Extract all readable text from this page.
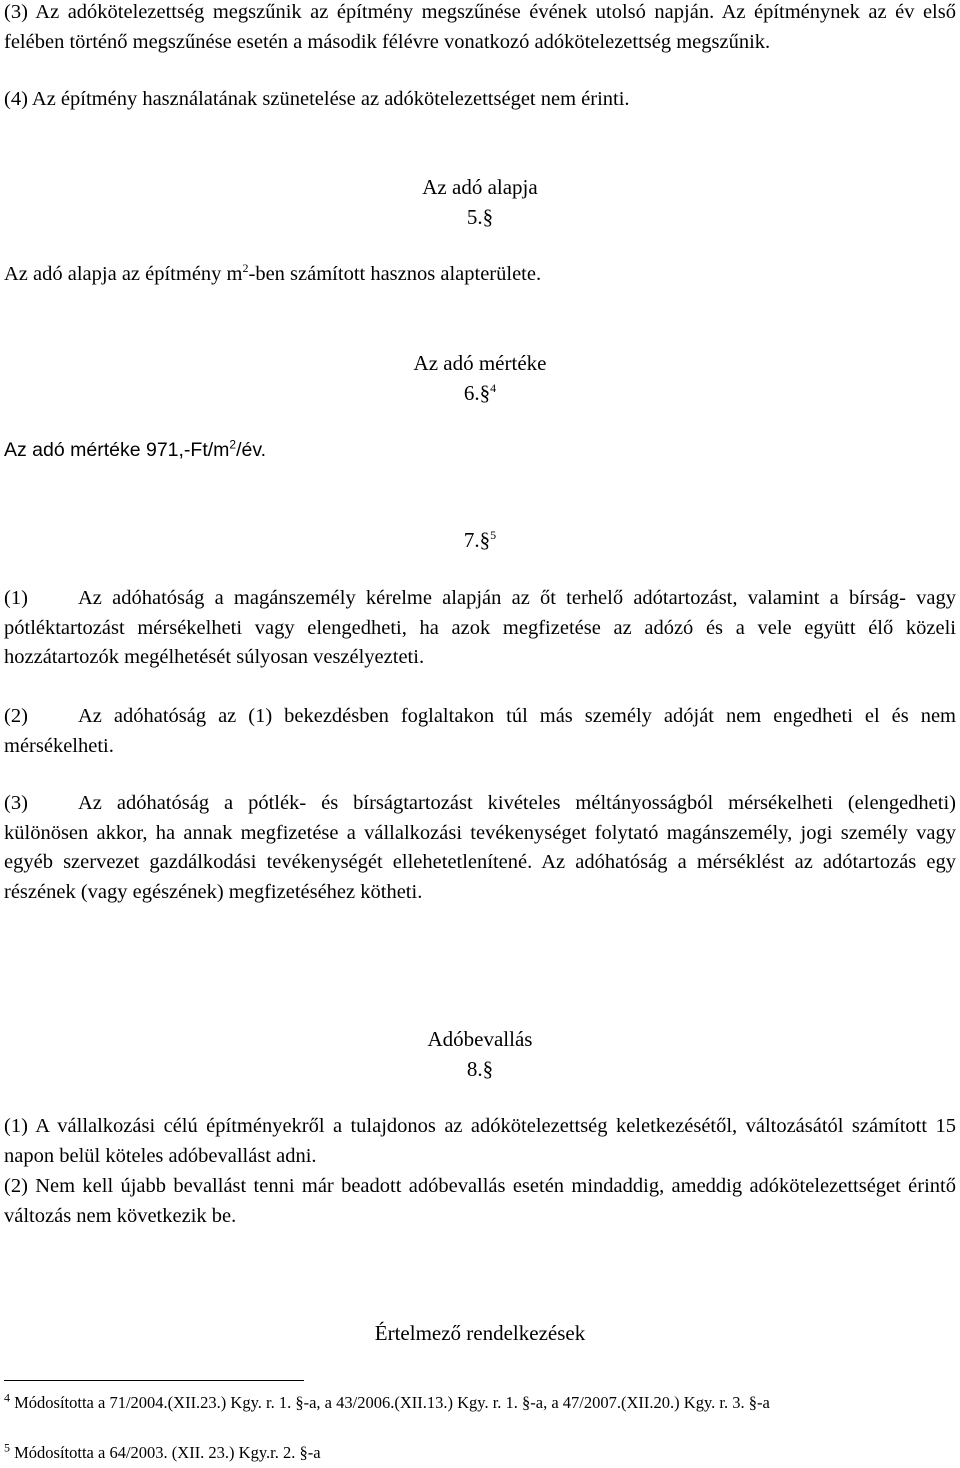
(3) Az adókötelezettség megszűnik az építmény megszűnése évének utolsó napján. Az építménynek az év első felében történő megszűnése esetén a második félévre vonatkozó adókötelezettség megszűnik.

(4) Az építmény használatának szünetelése az adókötelezettséget nem érinti.

Az adó alapja

5.§

Az adó alapja az építmény $m^2$-ben számított hasznos alapterülete.

Az adó mértéke

6.§$^4$

Az adó mértéke $971,-Ft/m^2/év$.

7.§$^5$

(1) Az adóhatóság a magánszemély kérelme alapján az őt terhelő adótartozást, valamint a bírság- vagy pótléktartozást mérsékelheti vagy elengedheti, ha azok megfizetése az adózó és a vele együtt élő közeli hozzátartozók megélhetését súlyosan veszélyezteti.

(2) Az adóhatóság az (1) bekezdésben foglaltakon túl más személy adóját nem engedheti el és nem mérsékelheti.

(3) Az adóhatóság a pótlék- és bírságtartozást kivételes méltányosságból mérsékelheti (elengedheti) különösen akkor, ha annak megfizetése a vállalkozási tevékenységet folytató magánszemély, jogi személy vagy egyéb szervezet gazdálkodási tevékenységét ellehetetlenítené. Az adóhatóság a mérséklést az adótartozás egy részének (vagy egészének) megfizetéséhez kötheti.

Adóbevallás

8.§

(1) A vállalkozási célú építményekről a tulajdonos az adókötelezettség keletkezésétől, változásától számított 15 napon belül köteles adóbevallást adni.

(2) Nem kell újabb bevallást tenni már beadott adóbevallás esetén mindaddig, ameddig adókötelezettséget érintő változás nem következik be.

Értelmező rendelkezések

$^4$ Módosította a 71/2004.(XII.23.) Kgy. r. 1. §-a, a 43/2006.(XII.13.) Kgy. r. 1. §-a, a 47/2007.(XII.20.) Kgy. r. 3. §-a

$^5$ Módosította a 64/2003. (XII. 23.) Kgy.r. 2. §-a
